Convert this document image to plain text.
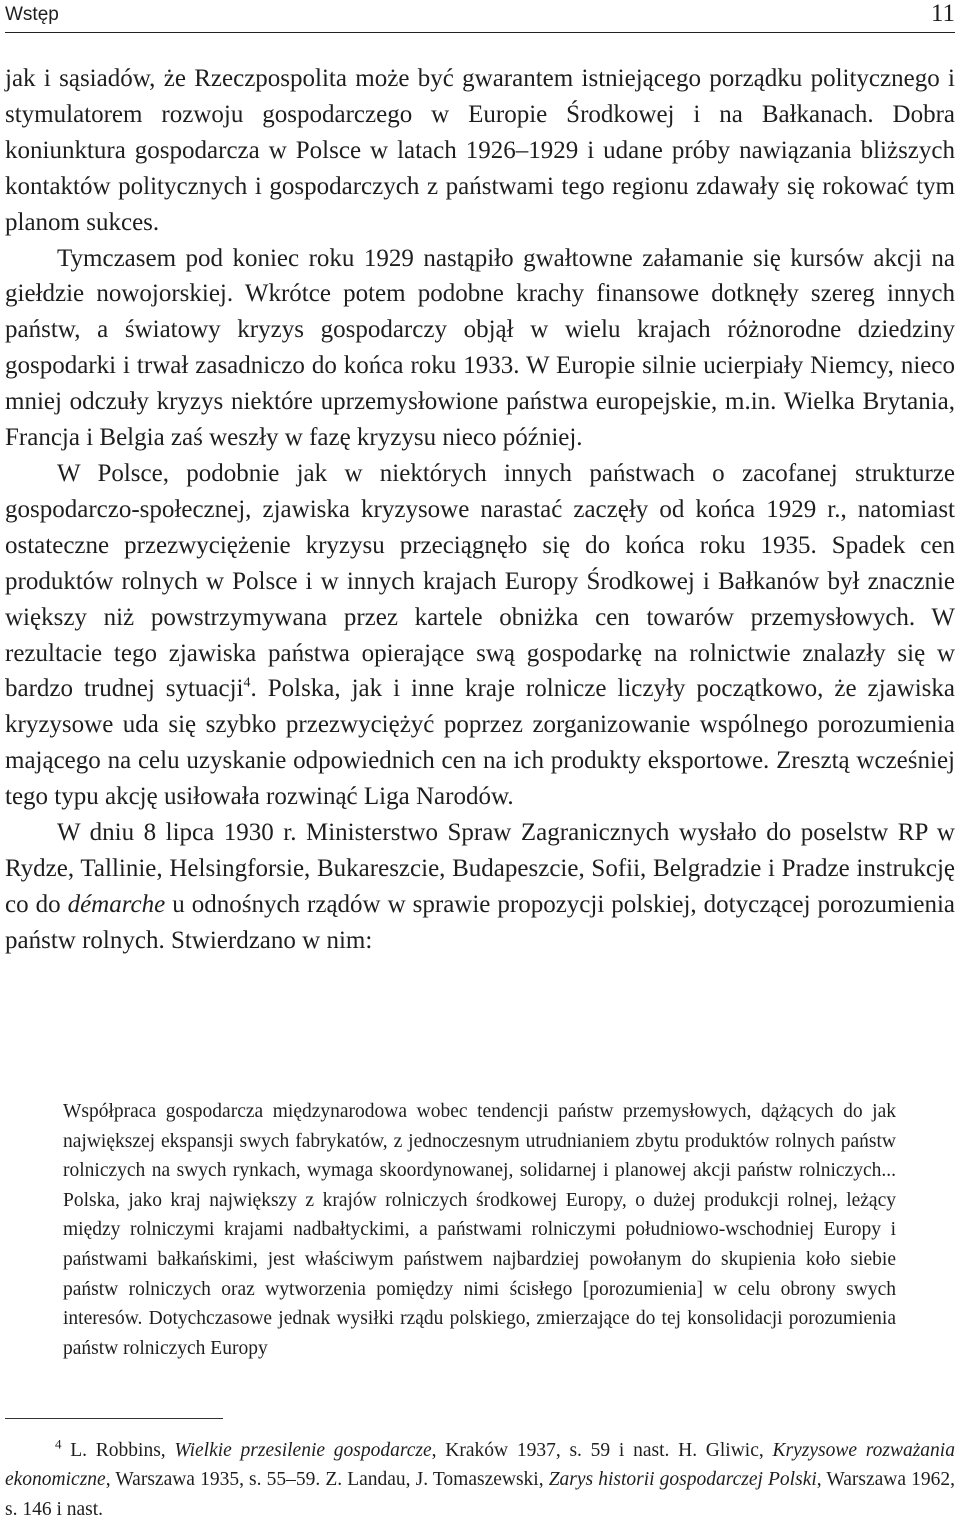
Wstęp	11

jak i sąsiadów, że Rzeczpospolita może być gwarantem istniejącego porządku politycznego i stymulatorem rozwoju gospodarczego w Europie Środkowej i na Bałkanach. Dobra koniunktura gospodarcza w Polsce w latach 1926–1929 i udane próby nawiązania bliższych kontaktów politycznych i gospodarczych z państwami tego regionu zdawały się rokować tym planom sukces.

Tymczasem pod koniec roku 1929 nastąpiło gwałtowne załamanie się kursów akcji na giełdzie nowojorskiej. Wkrótce potem podobne krachy finansowe dotknęły szereg innych państw, a światowy kryzys gospodarczy objął w wielu krajach różnorodne dziedziny gospodarki i trwał zasadniczo do końca roku 1933. W Europie silnie ucierpiały Niemcy, nieco mniej odczuły kryzys niektóre uprzemysłowione państwa europejskie, m.in. Wielka Brytania, Francja i Belgia zaś weszły w fazę kryzysu nieco później.

W Polsce, podobnie jak w niektórych innych państwach o zacofanej strukturze gospodarczo-społecznej, zjawiska kryzysowe narastać zaczęły od końca 1929 r., natomiast ostateczne przezwyciężenie kryzysu przeciągnęło się do końca roku 1935. Spadek cen produktów rolnych w Polsce i w innych krajach Europy Środkowej i Bałkanów był znacznie większy niż powstrzymywana przez kartele obniżka cen towarów przemysłowych. W rezultacie tego zjawiska państwa opierające swą gospodarkę na rolnictwie znalazły się w bardzo trudnej sytuacji$^4$. Polska, jak i inne kraje rolnicze liczyły początkowo, że zjawiska kryzysowe uda się szybko przezwyciężyć poprzez zorganizowanie wspólnego porozumienia mającego na celu uzyskanie odpowiednich cen na ich produkty eksportowe. Zresztą wcześniej tego typu akcję usiłowała rozwinąć Liga Narodów.

W dniu 8 lipca 1930 r. Ministerstwo Spraw Zagranicznych wysłało do poselstw RP w Rydze, Tallinie, Helsingforsie, Bukareszcie, Budapeszcie, Sofii, Belgradzie i Pradze instrukcję co do démarche u odnośnych rządów w sprawie propozycji polskiej, dotyczącej porozumienia państw rolnych. Stwierdzano w nim:

Współpraca gospodarcza międzynarodowa wobec tendencji państw przemysłowych, dążących do jak największej ekspansji swych fabrykatów, z jednoczesnym utrudnianiem zbytu produktów rolnych państw rolniczych na swych rynkach, wymaga skoordynowanej, solidarnej i planowej akcji państw rolniczych... Polska, jako kraj największy z krajów rolniczych środkowej Europy, o dużej produkcji rolnej, leżący między rolniczymi krajami nadbałtyckimi, a państwami rolniczymi południowo-wschodniej Europy i państwami bałkańskimi, jest właściwym państwem najbardziej powołanym do skupienia koło siebie państw rolniczych oraz wytworzenia pomiędzy nimi ścisłego [porozumienia] w celu obrony swych interesów. Dotychczasowe jednak wysiłki rządu polskiego, zmierzające do tej konsolidacji porozumienia państw rolniczych Europy

$^4$ L. Robbins, Wielkie przesilenie gospodarcze, Kraków 1937, s. 59 i nast. H. Gliwic, Kryzysowe rozważania ekonomiczne, Warszawa 1935, s. 55–59. Z. Landau, J. Tomaszewski, Zarys historii gospodarczej Polski, Warszawa 1962, s. 146 i nast.
